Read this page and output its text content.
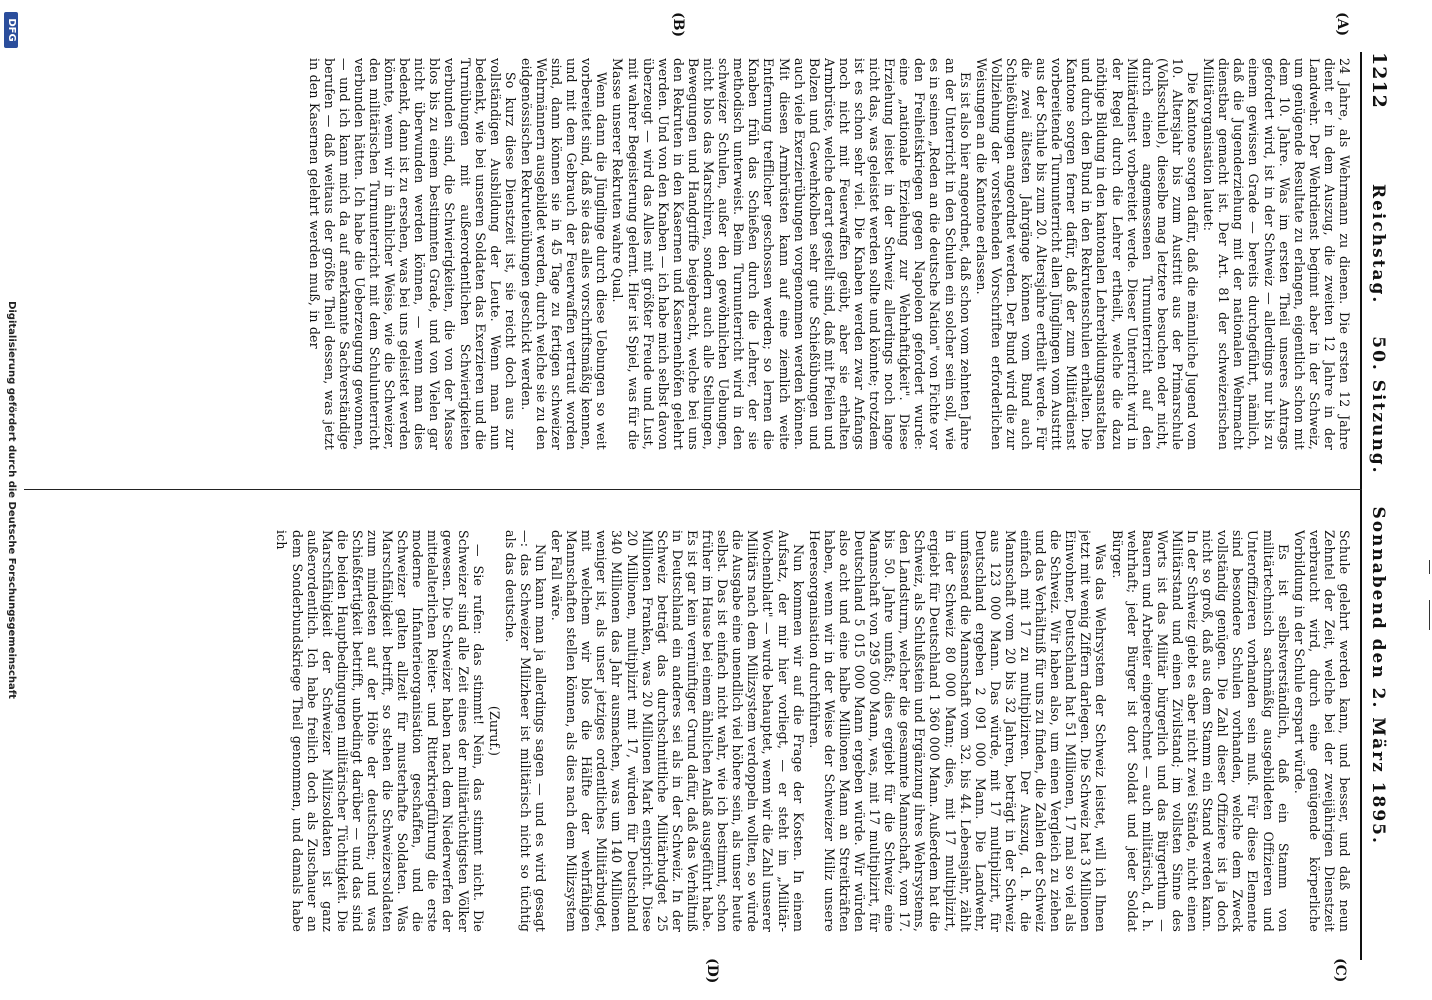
1212
Reichstag. 50. Sitzung. Sonnabend den 2. März 1895.
(A)
(B)
(C)
(D)

24 Jahre, als Wehrmann zu dienen. Die ersten 12 Jahre dient er in dem Auszug, die zweiten 12 Jahre in der Landwehr. Der Wehrdienst beginnt aber in der Schweiz, um genügende Resultate zu erlangen, eigentlich schon mit dem 10. Jahre. Was im ersten Theil unseres Antrags gefordert wird, ist in der Schweiz — allerdings nur bis zu einem gewissen Grade — bereits durchgeführt, nämlich, daß die Jugenderziehung mit der nationalen Wehrmacht dienstbar gemacht ist. Der Art. 81 der schweizerischen Militärorganisation lautet:

Die Kantone sorgen dafür, daß die männliche Jugend vom 10. Altersjahr bis zum Austritt aus der Primarschule (Volksschule), dieselbe mag letztere besuchen oder nicht, durch einen angemessenen Turnunterricht auf den Militärdienst vorbereitet werde. Dieser Unterricht wird in der Regel durch die Lehrer ertheilt, welche die dazu nöthige Bildung in den kantonalen Lehrerbildungsanstalten und durch den Bund in den Rekrutenschulen erhalten. Die Kantone sorgen ferner dafür, daß der zum Militärdienst vorbereitende Turnunterricht allen Jünglingen vom Austritt aus der Schule bis zum 20. Altersjahre ertheilt werde. Für die zwei ältesten Jahrgänge können vom Bund auch Schießübungen angeordnet werden. Der Bund wird die zur Vollziehung der vorstehenden Vorschriften erforderlichen Weisungen an die Kantone erlassen.

Es ist also hier angeordnet, daß schon vom zehnten Jahre an der Unterricht in den Schulen ein solcher sein soll, wie es in seinen „Reden an die deutsche Nation" von Fichte vor den Freiheitskriegen gegen Napoleon gefordert wurde: eine „nationale Erziehung zur Wehrhaftigkeit". Diese Erziehung leistet in der Schweiz allerdings noch lange nicht das, was geleistet werden sollte und könnte; trotzdem ist es schon sehr viel. Die Knaben werden zwar Anfangs noch nicht mit Feuerwaffen geübt, aber sie erhalten Armbrüste, welche derart gestellt sind, daß mit Pfeilen und Bolzen und Gewehrkolben sehr gute Schießübungen und auch viele Exerzierübungen vorgenommen werden können. Mit diesen Armbrüsten kann auf eine ziemlich weite Entfernung trefflicher geschossen werden; so lernen die Knaben früh das Schießen durch die Lehrer, der sie methodisch unterweist. Beim Turnunterricht wird in den schweizer Schulen, außer den gewöhnlichen Uebungen, nicht blos das Marschiren, sondern auch alle Stellungen, Bewegungen und Handgriffe beigebracht, welche bei uns den Rekruten in den Kasernen und Kasernenhöfen gelehrt werden. Und von den Knaben — ich habe mich selbst davon überzeugt — wird das Alles mit größter Freude und Lust, mit wahrer Begeisterung gelernt. Hier ist Spiel, was für die Masse unserer Rekruten wahre Qual.

Wenn dann die Jünglinge durch diese Uebungen so weit vorbereitet sind, daß sie das alles vorschriftsmäßig kennen, und mit dem Gebrauch der Feuerwaffen vertraut worden sind, dann können sie in 45 Tage zu fertigen schweizer Wehrmännern ausgebildet werden, durch welche sie zu den eidgenössischen Rekrutenübungen geschickt werden.

So kurz diese Dienstzeit ist, sie reicht doch aus zur vollständigen Ausbildung der Leute. Wenn man nun bedenkt, wie bei unseren Soldaten das Exerzieren und die Turnübungen mit außerordentlichen Schwierigkeiten verbunden sind, die Schwierigkeiten, die von der Masse blos bis zu einem bestimmten Grade, und von Vielen gar nicht überwunden werden können, — wenn man dies bedenkt, dann ist zu ersehen, was bei uns geleistet werden könnte, wenn wir in ähnlicher Weise, wie die Schweizer, den militärischen Turnunterricht mit dem Schulunterricht verbunden hätten. Ich habe die Ueberzeugung gewonnen, — und ich kann mich da auf anerkannte Sachverständige berufen — daß weitaus der größte Theil dessen, was jetzt in den Kasernen gelehrt werden muß, in der

Schule gelehrt werden kann, und besser, und daß neun Zehntel der Zeit, welche bei der zweijährigen Dienstzeit verbraucht wird, durch eine genügende körperliche Vorbildung in der Schule erspart würde.

Es ist selbstverständlich, daß ein Stamm von militärtechnisch sachmäßig ausgebildeten Offizieren und Unteroffizieren vorhanden sein muß. Für diese Elemente sind besondere Schulen vorhanden, welche dem Zweck vollständig genügen. Die Zahl dieser Offiziere ist ja doch nicht so groß, daß aus dem Stamm ein Stand werden kann. In der Schweiz giebt es aber nicht zwei Stände, nicht einen Militärstand und einen Zivilstand; im vollsten Sinne des Worts ist das Militär bürgerlich und das Bürgerthum — Bauern und Arbeiter eingerechnet — auch militärisch, d. h. wehrhaft; jeder Bürger ist dort Soldat und jeder Soldat Bürger.

Was das Wehrsystem der Schweiz leistet, will ich Ihnen jetzt mit wenig Ziffern darlegen. Die Schweiz hat 3 Millionen Einwohner, Deutschland hat 51 Millionen, 17 mal so viel als die Schweiz. Wir haben also, um einen Vergleich zu ziehen und das Verhältniß für uns zu finden, die Zahlen der Schweiz einfach mit 17 zu multipliziren. Der Auszug, d. h. die Mannschaft vom 20 bis 32 Jahren, beträgt in der Schweiz aus 123 000 Mann. Das würde, mit 17 multiplizirt, für Deutschland ergeben 2 091 000 Mann. Die Landwehr, umfassend die Mannschaft vom 32. bis 44. Lebensjahr, zählt in der Schweiz 80 000 Mann; dies, mit 17 multiplizirt, ergiebt für Deutschland 1 360 000 Mann. Außerdem hat die Schweiz, als Schlußstein und Ergänzung ihres Wehrsystems, den Landsturm, welcher die gesammte Mannschaft, vom 17. bis 50. Jahre umfaßt; dies ergiebt für die Schweiz eine Mannschaft von 295 000 Mann, was, mit 17 multiplizirt, für Deutschland 5 015 000 Mann ergeben würde. Wir würden also acht und eine halbe Millionen Mann an Streitkräften haben, wenn wir in der Weise der Schweizer Miliz unsere Heeresorganisation durchführen.

Nun kommen wir auf die Frage der Kosten. In einem Aufsatz, der mir hier vorliegt, — er steht im „Militär-Wochenblatt" — wurde behauptet, wenn wir die Zahl unserer Militärs nach dem Milizsystem verdoppeln wollten, so würde die Ausgabe eine unendlich viel höhere sein, als unser heute selbst. Das ist einfach nicht wahr, wie ich bestimmt, schon früher im Hause bei einem ähnlichen Anlaß ausgeführt habe. Es ist gar kein vernünftiger Grund dafür, daß das Verhältniß in Deutschland ein anderes sei als in der Schweiz. In der Schweiz beträgt das durchschnittliche Militärbudget 25 Millionen Franken, was 20 Millionen Mark entspricht. Diese 20 Millionen, multiplizirt mit 17, würden für Deutschland 340 Millionen das Jahr ausmachen, was um 140 Millionen weniger ist, als unser jetziges ordentliches Militärbudget, mit welchem wir blos die Hälfte der wehrfähigen Mannschaften stellen können, als dies nach dem Milizsystem der Fall wäre.

Nun kann man ja allerdings sagen — und es wird gesagt —: das Schweizer Milizheer ist militärisch nicht so tüchtig als das deutsche.

(Zuruf.)

— Sie rufen: das stimmt! Nein, das stimmt nicht. Die Schweizer sind alle Zeit eines der militärtüchtigsten Völker gewesen. Die Schweizer haben nach dem Niederwerfen der mittelalterlichen Reiter- und Ritterkriegführung die erste moderne Infanterieorganisation geschaffen, und die Schweizer galten allzeit für musterhafte Soldaten. Was Marschfähigkeit betrifft, so stehen die Schweizersoldaten zum mindesten auf der Höhe der deutschen; und was Schießfertigkeit betrifft, unbedingt darüber — und das sind die beiden Hauptbedingungen militärischer Tüchtigkeit. Die Marschfähigkeit der Schweizer Milizsoldaten ist ganz außerordentlich. Ich habe freilich doch als Zuschauer an dem Sonderbundskriege Theil genommen, und damals habe ich

Digitalisierung gefördert durch die Deutsche Forschungsgemeinschaft
DFG
